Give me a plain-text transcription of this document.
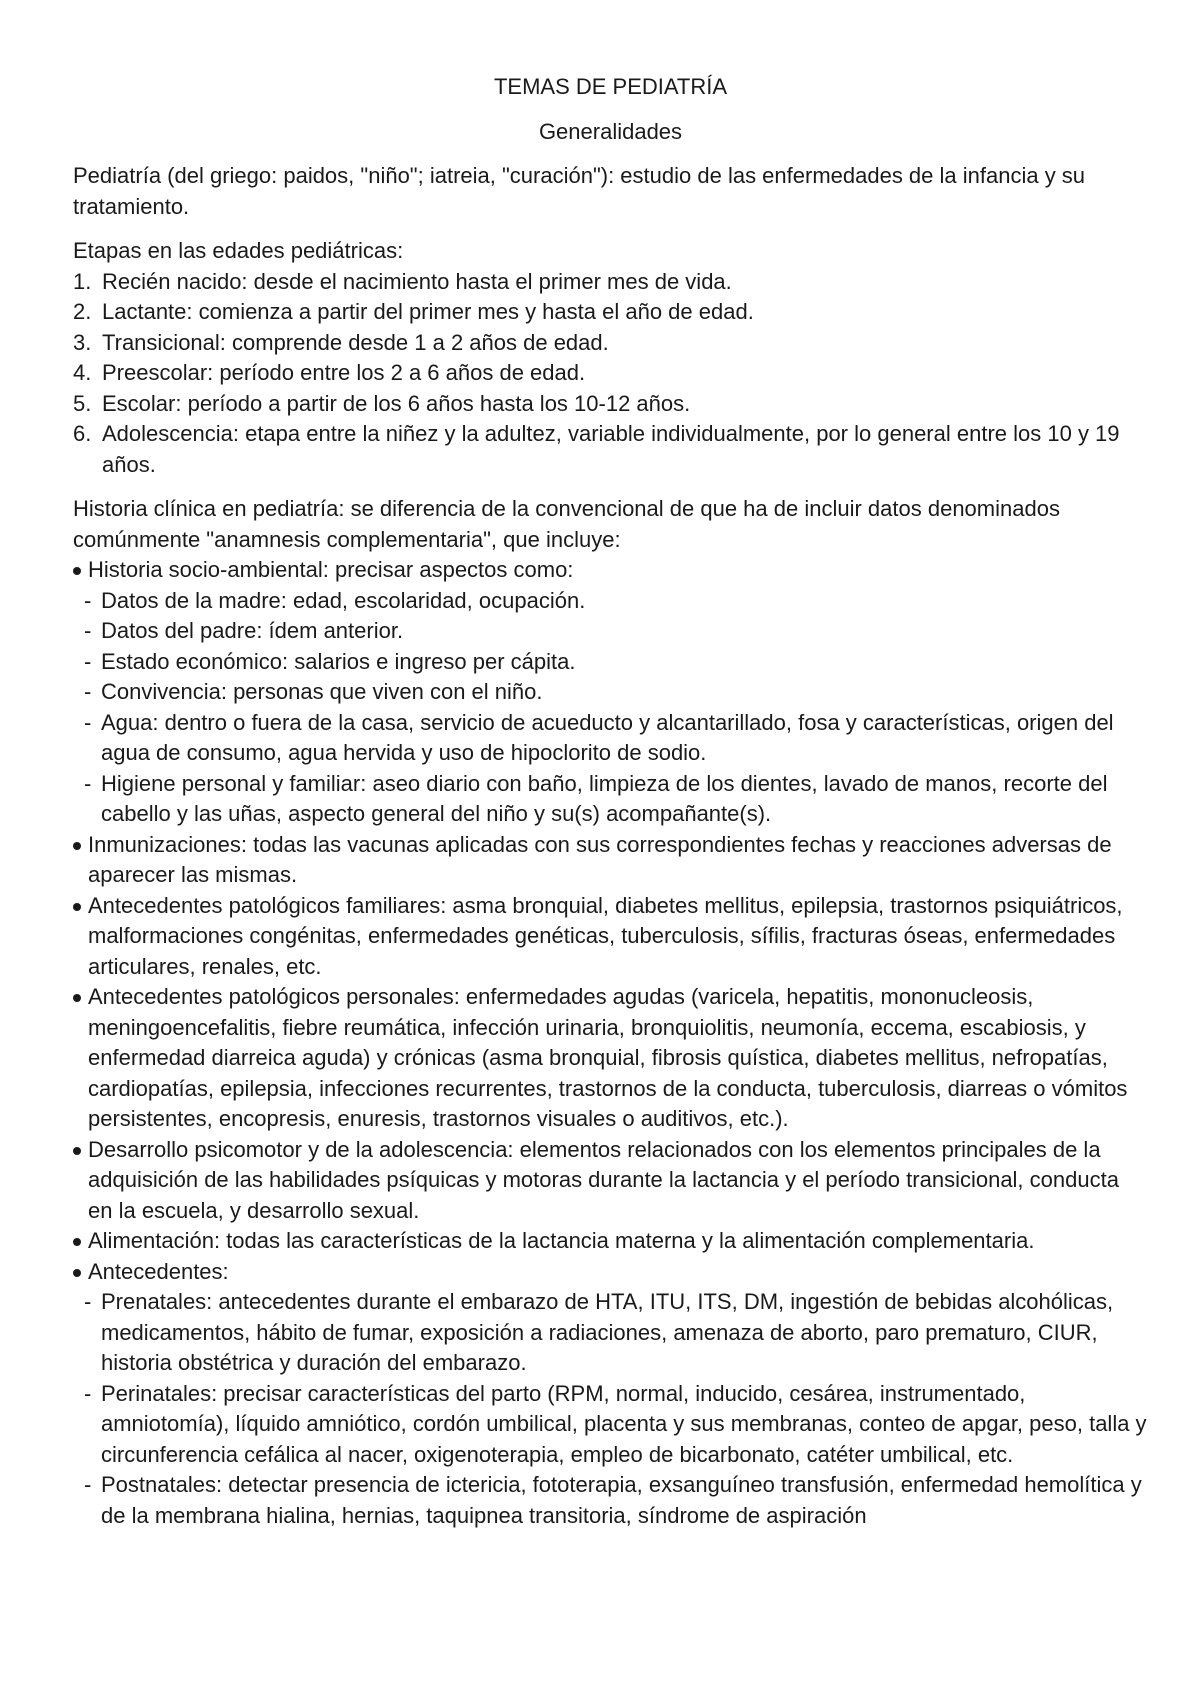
TEMAS DE PEDIATRÍA

Generalidades

Pediatría (del griego: paidos, "niño"; iatreia, "curación"): estudio de las enfermedades de la infancia y su tratamiento.

Etapas en las edades pediátricas:

1. Recién nacido: desde el nacimiento hasta el primer mes de vida.
2. Lactante: comienza a partir del primer mes y hasta el año de edad.
3. Transicional: comprende desde 1 a 2 años de edad.
4. Preescolar: período entre los 2 a 6 años de edad.
5. Escolar: período a partir de los 6 años hasta los 10-12 años.
6. Adolescencia: etapa entre la niñez y la adultez, variable individualmente, por lo general entre los 10 y 19 años.

Historia clínica en pediatría: se diferencia de la convencional de que ha de incluir datos denominados comúnmente "anamnesis complementaria", que incluye:

Historia socio-ambiental: precisar aspectos como:
- Datos de la madre: edad, escolaridad, ocupación.
- Datos del padre: ídem anterior.
- Estado económico: salarios e ingreso per cápita.
- Convivencia: personas que viven con el niño.
- Agua: dentro o fuera de la casa, servicio de acueducto y alcantarillado, fosa y características, origen del agua de consumo, agua hervida y uso de hipoclorito de sodio.
- Higiene personal y familiar: aseo diario con baño, limpieza de los dientes, lavado de manos, recorte del cabello y las uñas, aspecto general del niño y su(s) acompañante(s).
Inmunizaciones: todas las vacunas aplicadas con sus correspondientes fechas y reacciones adversas de aparecer las mismas.
Antecedentes patológicos familiares: asma bronquial, diabetes mellitus, epilepsia, trastornos psiquiátricos, malformaciones congénitas, enfermedades genéticas, tuberculosis, sífilis, fracturas óseas, enfermedades articulares, renales, etc.
Antecedentes patológicos personales: enfermedades agudas (varicela, hepatitis, mononucleosis, meningoencefalitis, fiebre reumática, infección urinaria, bronquiolitis, neumonía, eccema, escabiosis, y enfermedad diarreica aguda) y crónicas (asma bronquial, fibrosis quística, diabetes mellitus, nefropatías, cardiopatías, epilepsia, infecciones recurrentes, trastornos de la conducta, tuberculosis, diarreas o vómitos persistentes, encopresis, enuresis, trastornos visuales o auditivos, etc.).
Desarrollo psicomotor y de la adolescencia: elementos relacionados con los elementos principales de la adquisición de las habilidades psíquicas y motoras durante la lactancia y el período transicional, conducta en la escuela, y desarrollo sexual.
Alimentación: todas las características de la lactancia materna y la alimentación complementaria.
Antecedentes:
- Prenatales: antecedentes durante el embarazo de HTA, ITU, ITS, DM, ingestión de bebidas alcohólicas, medicamentos, hábito de fumar, exposición a radiaciones, amenaza de aborto, paro prematuro, CIUR, historia obstétrica y duración del embarazo.
- Perinatales: precisar características del parto (RPM, normal, inducido, cesárea, instrumentado, amniotomía), líquido amniótico, cordón umbilical, placenta y sus membranas, conteo de apgar, peso, talla y circunferencia cefálica al nacer, oxigenoterapia, empleo de bicarbonato, catéter umbilical, etc.
- Postnatales: detectar presencia de ictericia, fototerapia, exsanguíneo transfusión, enfermedad hemolítica y de la membrana hialina, hernias, taquipnea transitoria, síndrome de aspiración
